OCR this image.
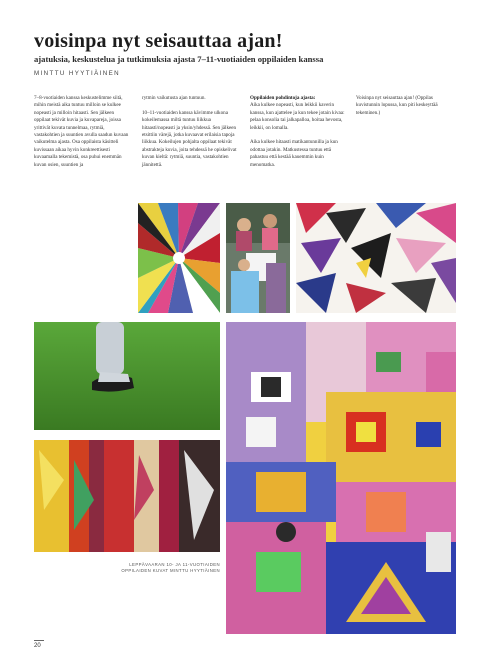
voisinpa nyt seisauttaa ajan!
ajatuksia, keskustelua ja tutkimuksia ajasta 7–11-vuotiaiden oppilaiden kanssa
MINTTU HYYTIÄINEN

7–8-vuotiaiden kanssa keskustelimme siitä, mihin meistä aika tuntuu milloin se kulkee nopeasti ja milloin hitaasti. Sen jälkeen oppilaat tekivät kuvia ja kuvapareja, joissa yrittivät kuvata tunnelmaa, rytmiä, vastakohtien ja suuntien avulla saadun kuvaan vaikutelma ajasta. Osa oppilaista käsitteli kuvissaan aikaa hyvin konkreettisesti kuvaamalla tekemistä, osa puhui enemmän kuvan osien, suuntien ja

rytmin vaikutusta ajan tuntuun.

10–11-vuotiaiden kanssa kävimme ulkona kokeilemassa miltä tuntuu liikkua hitaasti/nopeasti ja yksin/yhdessä. Sen jälkeen etsittiin värejä, jotka kuvaavat erilaisia tapoja liikkua. Kokeilujen pohjalta oppilaat tekivät abstrakteja kuvia, joita tehdessä he opiskelivat kuvan kieltä: rytmiä, suuntia, vastakohtien jännitettä.

Oppilaiden pohdintoja ajasta:

Aika kulkee nopeasti, kun leikkii kaverin kanssa, kun ajattelee ja kun tekee jotain kivaa: pelaa konsolia tai jalkapalloa, hoitaa hevosta, leikkii, on lomalla.

Aika kulkee hitaasti matikantunnilla ja kun odottaa jotakin. Matkustessa tuntuu että pahastuu että kestää kauemmin kuin menomatka.

Voisinpa nyt seisauttaa ajan! (Oppilas kuvistunnin lopussa, kun piti keskeyttää tekeminen.)

LEPPÄVAARAN 10- JA 11-VUOTIAIDEN OPPILAIDEN KUVAT MINTTU HYYTIÄINEN
20
